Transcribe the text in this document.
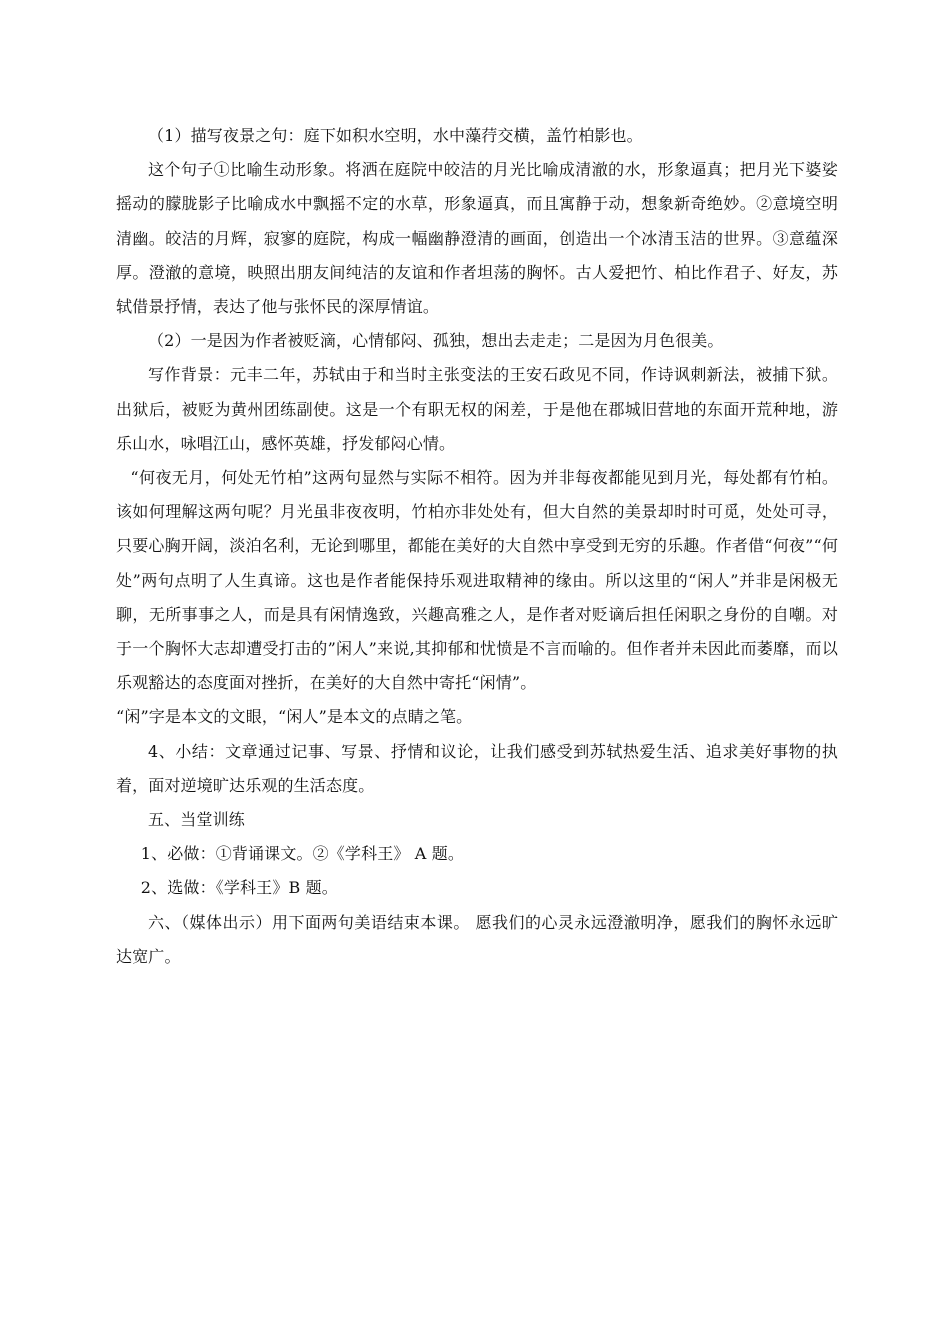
（1）描写夜景之句：庭下如积水空明，水中藻荇交横，盖竹柏影也。

这个句子①比喻生动形象。将洒在庭院中皎洁的月光比喻成清澈的水，形象逼真；把月光下婆娑摇动的朦胧影子比喻成水中飘摇不定的水草，形象逼真，而且寓静于动，想象新奇绝妙。②意境空明清幽。皎洁的月辉，寂寥的庭院，构成一幅幽静澄清的画面，创造出一个冰清玉洁的世界。③意蕴深厚。澄澈的意境，映照出朋友间纯洁的友谊和作者坦荡的胸怀。古人爱把竹、柏比作君子、好友，苏轼借景抒情，表达了他与张怀民的深厚情谊。

（2）一是因为作者被贬滴，心情郁闷、孤独，想出去走走；二是因为月色很美。

写作背景：元丰二年，苏轼由于和当时主张变法的王安石政见不同，作诗讽刺新法，被捕下狱。出狱后，被贬为黄州团练副使。这是一个有职无权的闲差，于是他在郡城旧营地的东面开荒种地，游乐山水，咏唱江山，感怀英雄，抒发郁闷心情。

“何夜无月，何处无竹柏”这两句显然与实际不相符。因为并非每夜都能见到月光，每处都有竹柏。该如何理解这两句呢？月光虽非夜夜明，竹柏亦非处处有，但大自然的美景却时时可觅，处处可寻，只要心胸开阔，淡泊名利，无论到哪里，都能在美好的大自然中享受到无穷的乐趣。作者借“何夜”“何处”两句点明了人生真谛。这也是作者能保持乐观进取精神的缘由。所以这里的“闲人”并非是闲极无聊，无所事事之人，而是具有闲情逸致，兴趣高雅之人，是作者对贬谪后担任闲职之身份的自嘲。对于一个胸怀大志却遭受打击的”闲人”来说,其抑郁和忧愤是不言而喻的。但作者并未因此而萎靡，而以乐观豁达的态度面对挫折，在美好的大自然中寄托“闲情”。

“闲”字是本文的文眼，“闲人”是本文的点睛之笔。

4、小结：文章通过记事、写景、抒情和议论，让我们感受到苏轼热爱生活、追求美好事物的执着，面对逆境旷达乐观的生活态度。

五、当堂训练

1、必做：①背诵课文。②《学科王》 A 题。

2、选做：《学科王》B 题。

六、（媒体出示）用下面两句美语结束本课。 愿我们的心灵永远澄澈明净，愿我们的胸怀永远旷达宽广。
